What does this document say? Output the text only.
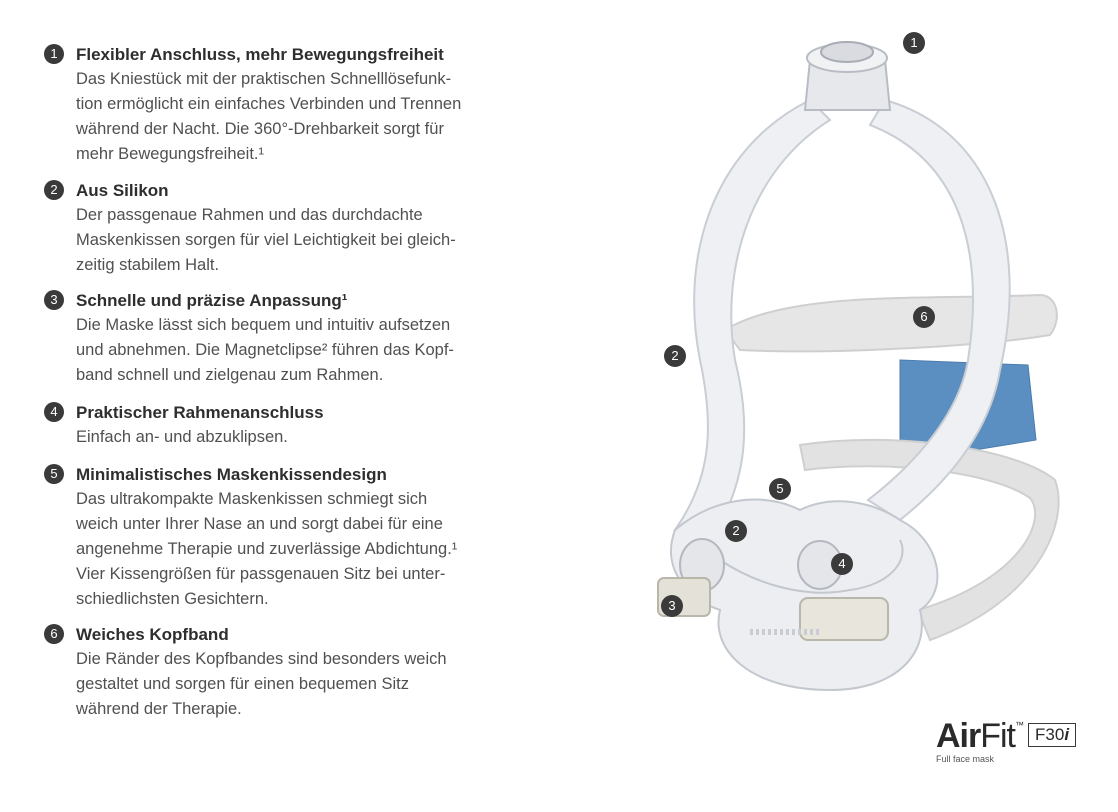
1	Flexibler Anschluss, mehr Bewegungsfreiheit
Das Kniestück mit der praktischen Schnelllösefunk-
tion ermöglicht ein einfaches Verbinden und Trennen
während der Nacht. Die 360°-Drehbarkeit sorgt für
mehr Bewegungsfreiheit.¹
2	Aus Silikon
Der passgenaue Rahmen und das durchdachte
Maskenkissen sorgen für viel Leichtigkeit bei gleich-
zeitig stabilem Halt.
3	Schnelle und präzise Anpassung¹
Die Maske lässt sich bequem und intuitiv aufsetzen
und abnehmen. Die Magnetclipse² führen das Kopf-
band schnell und zielgenau zum Rahmen.
4	Praktischer Rahmenanschluss
Einfach an- und abzuklipsen.
5	Minimalistisches Maskenkissendesign
Das ultrakompakte Maskenkissen schmiegt sich
weich unter Ihrer Nase an und sorgt dabei für eine
angenehme Therapie und zuverlässige Abdichtung.¹
Vier Kissengrößen für passgenauen Sitz bei unter-
schiedlichsten Gesichtern.
6	Weiches Kopfband
Die Ränder des Kopfbandes sind besonders weich
gestaltet und sorgen für einen bequemen Sitz
während der Therapie.
1
6
2
5
2
4
3
AirFit™ F30i
Full face mask
